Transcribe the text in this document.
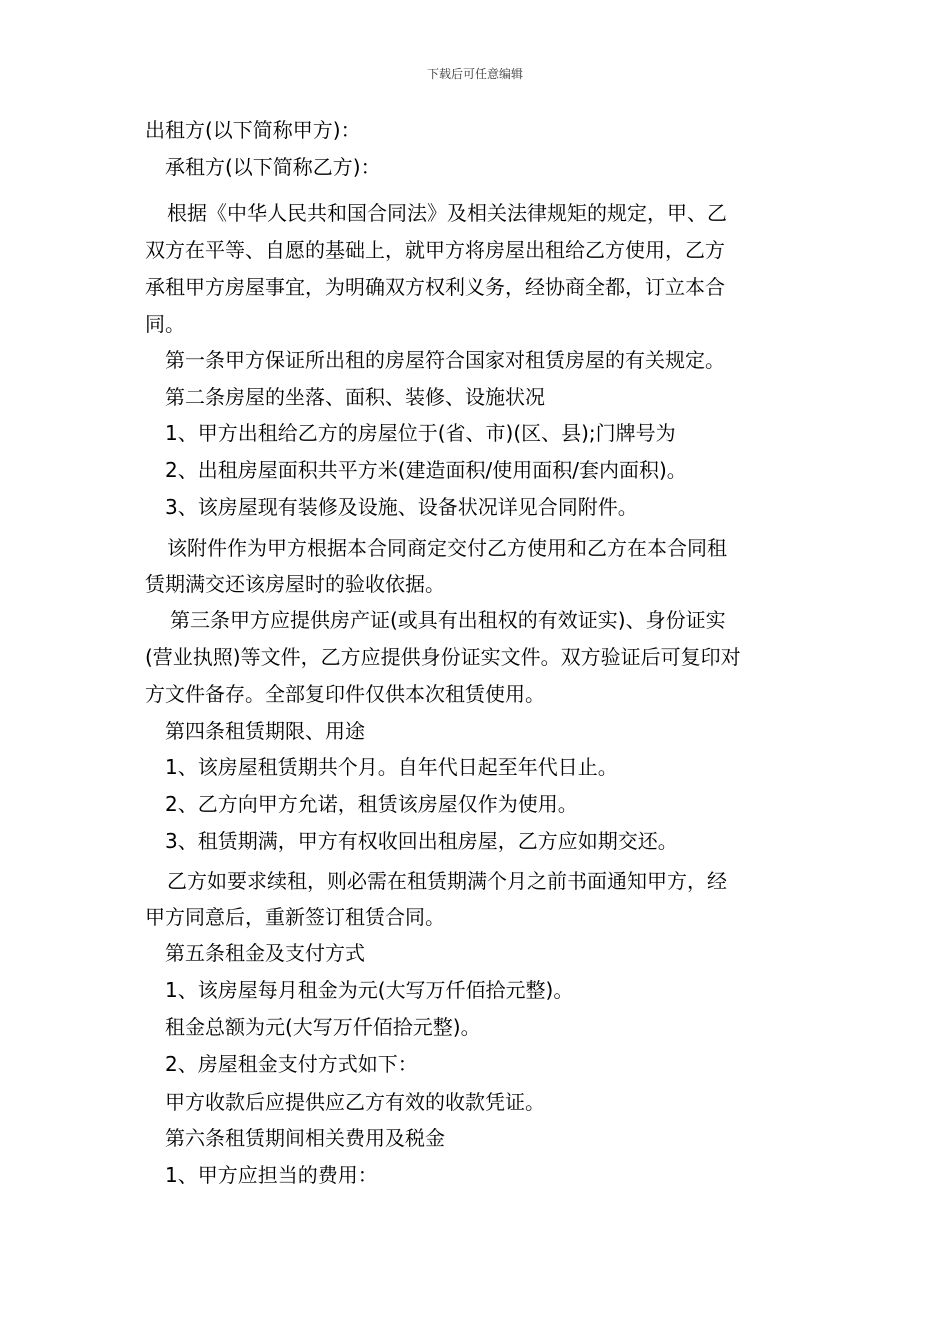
下载后可任意编辑
出租方(以下简称甲方)：
承租方(以下简称乙方)：
根据《中华人民共和国合同法》及相关法律规矩的规定，甲、乙
双方在平等、自愿的基础上，就甲方将房屋出租给乙方使用，乙方
承租甲方房屋事宜，为明确双方权利义务，经协商全都，订立本合
同。
第一条甲方保证所出租的房屋符合国家对租赁房屋的有关规定。
第二条房屋的坐落、面积、装修、设施状况
1、甲方出租给乙方的房屋位于(省、市)(区、县);门牌号为
2、出租房屋面积共平方米(建造面积/使用面积/套内面积)。
3、该房屋现有装修及设施、设备状况详见合同附件。
该附件作为甲方根据本合同商定交付乙方使用和乙方在本合同租
赁期满交还该房屋时的验收依据。
第三条甲方应提供房产证(或具有出租权的有效证实)、身份证实
(营业执照)等文件，乙方应提供身份证实文件。双方验证后可复印对
方文件备存。全部复印件仅供本次租赁使用。
第四条租赁期限、用途
1、该房屋租赁期共个月。自年代日起至年代日止。
2、乙方向甲方允诺，租赁该房屋仅作为使用。
3、租赁期满，甲方有权收回出租房屋，乙方应如期交还。
乙方如要求续租，则必需在租赁期满个月之前书面通知甲方，经
甲方同意后，重新签订租赁合同。
第五条租金及支付方式
1、该房屋每月租金为元(大写万仟佰拾元整)。
租金总额为元(大写万仟佰拾元整)。
2、房屋租金支付方式如下：
甲方收款后应提供应乙方有效的收款凭证。
第六条租赁期间相关费用及税金
1、甲方应担当的费用：
